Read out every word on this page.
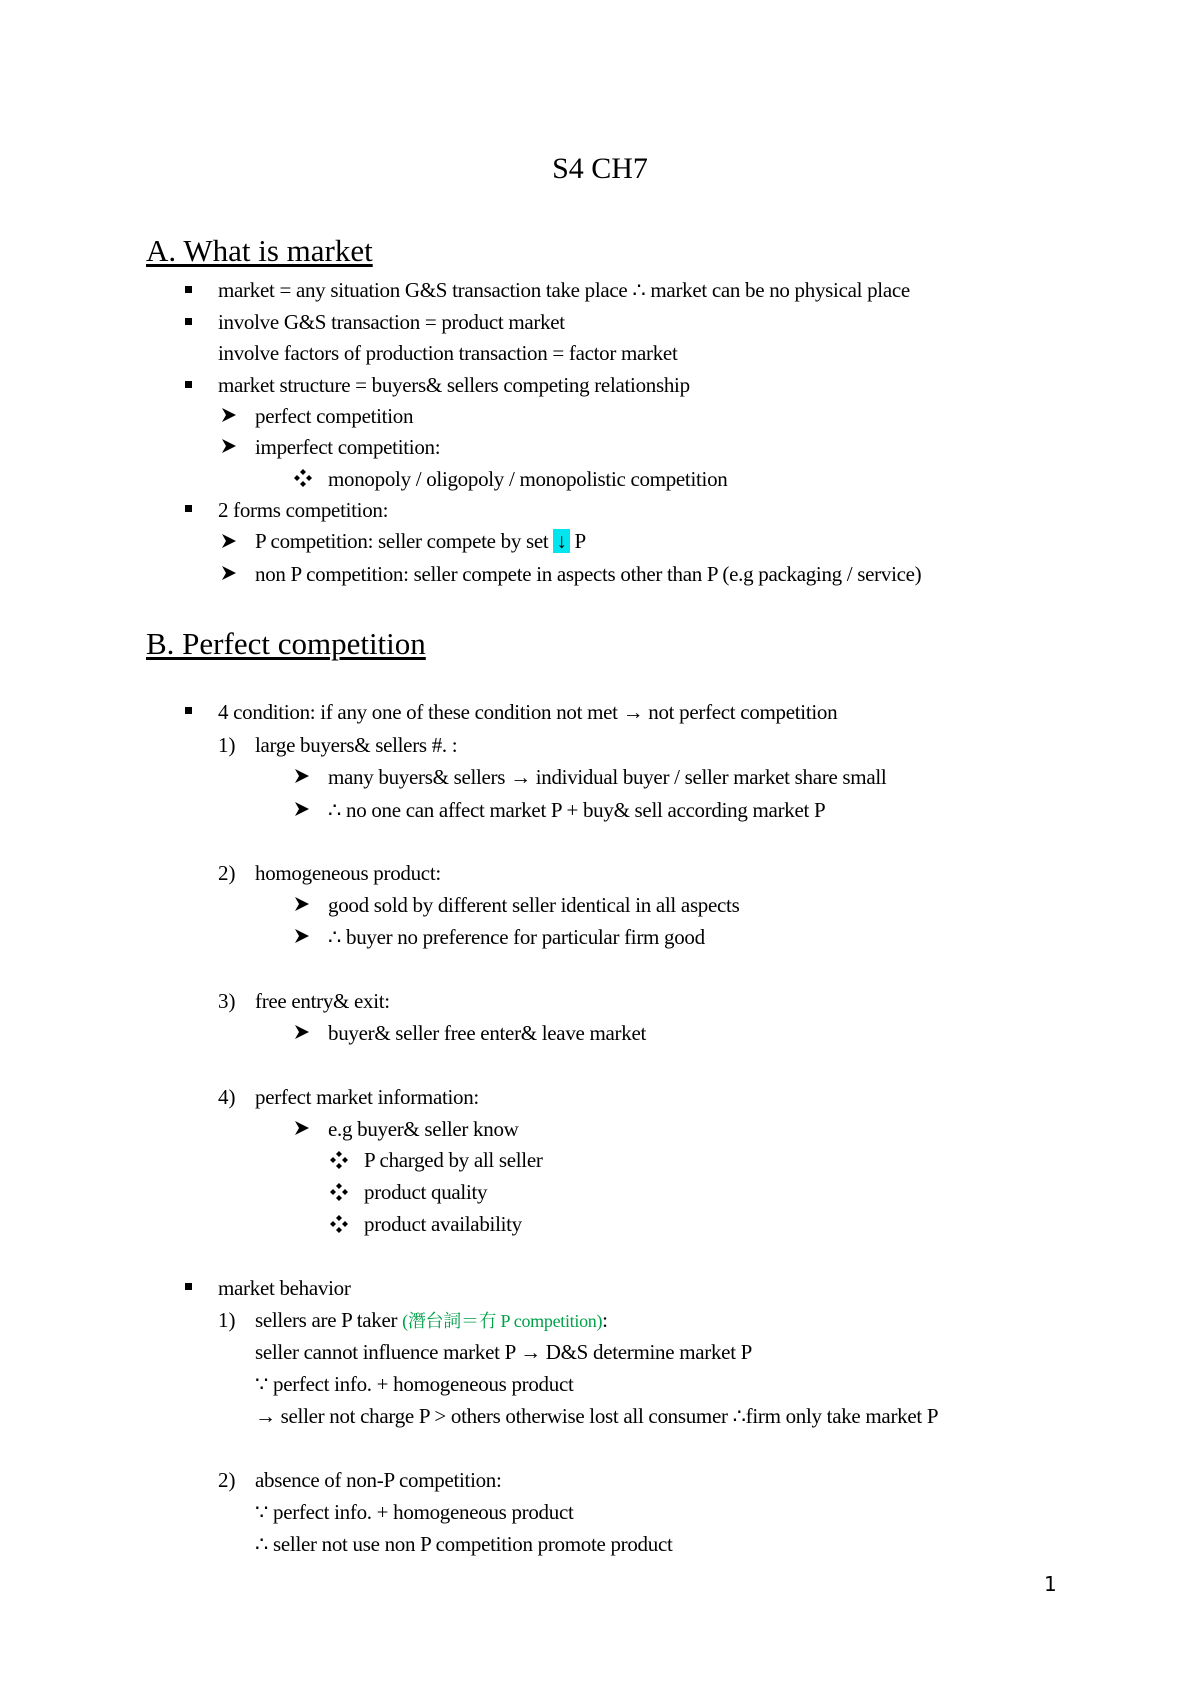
S4 CH7
A. What is market
market = any situation G&S transaction take place ∴ market can be no physical place
involve G&S transaction = product market
involve factors of production transaction = factor market
market structure = buyers& sellers competing relationship
perfect competition
imperfect competition:
monopoly / oligopoly / monopolistic competition
2 forms competition:
P competition: seller compete by set ↓ P
non P competition: seller compete in aspects other than P (e.g packaging / service)
B. Perfect competition
4 condition: if any one of these condition not met → not perfect competition
1) large buyers& sellers #. :
many buyers& sellers → individual buyer / seller market share small
∴ no one can affect market P + buy& sell according market P
2) homogeneous product:
good sold by different seller identical in all aspects
∴ buyer no preference for particular firm good
3) free entry& exit:
buyer& seller free enter& leave market
4) perfect market information:
e.g buyer& seller know
P charged by all seller
product quality
product availability
market behavior
1) sellers are P taker (潛台詞＝冇 P competition):
seller cannot influence market P → D&S determine market P
∵ perfect info. + homogeneous product
→ seller not charge P > others otherwise lost all consumer ∴firm only take market P
2) absence of non-P competition:
∵ perfect info. + homogeneous product
∴ seller not use non P competition promote product
1
